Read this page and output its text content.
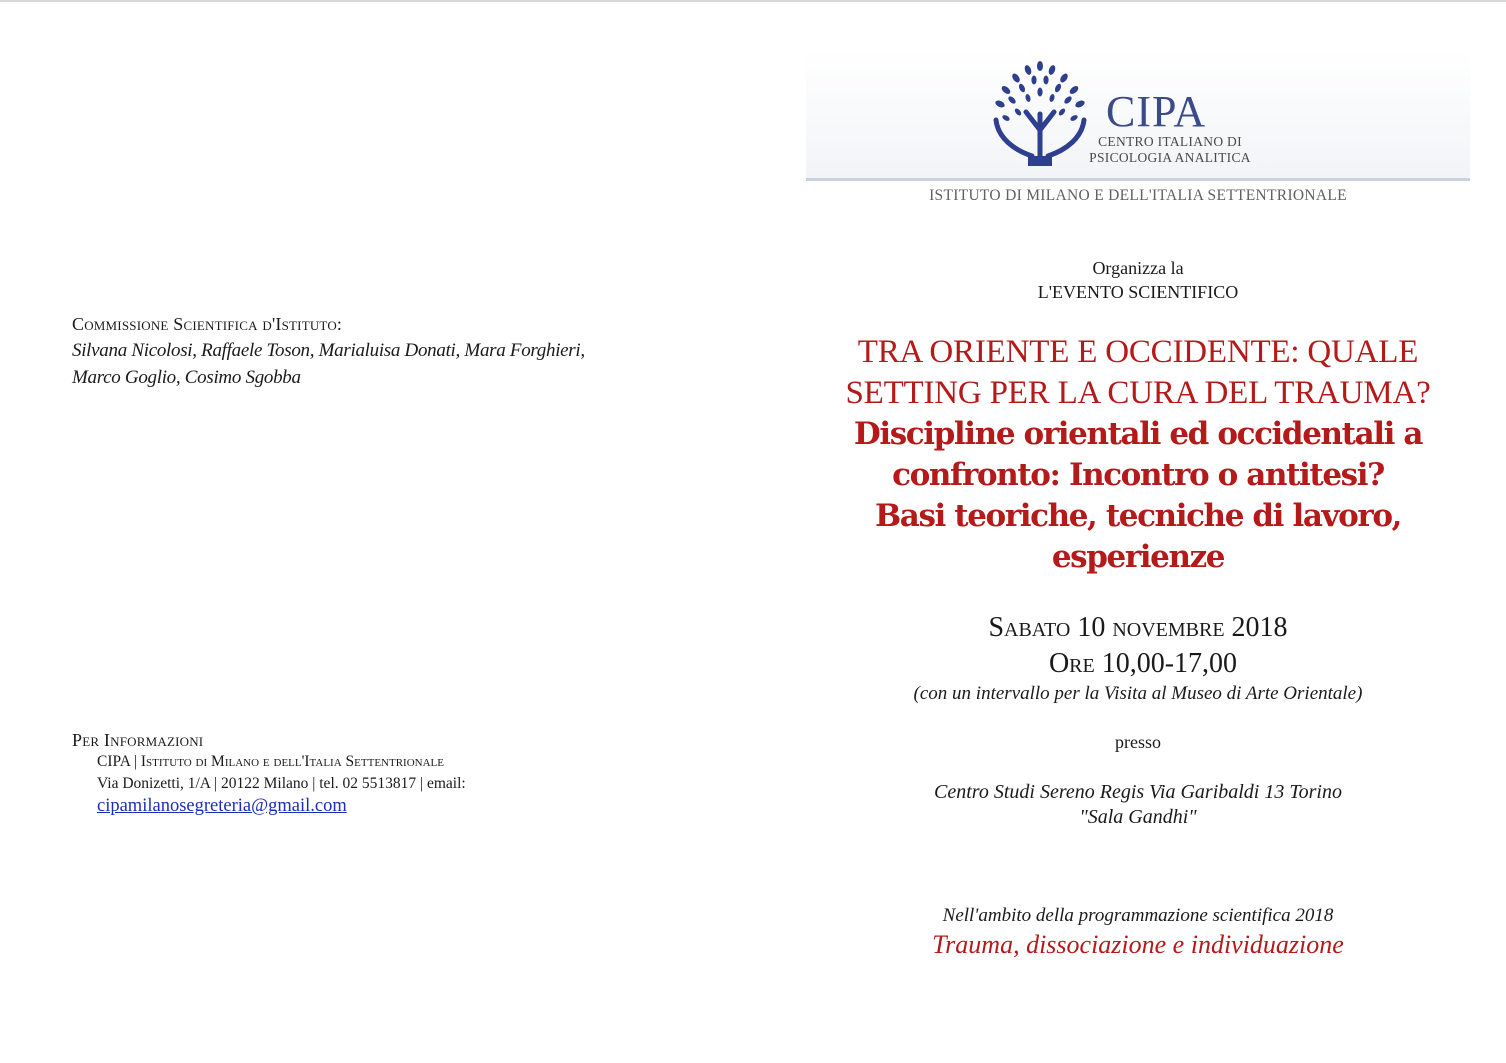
Commissione Scientifica d'Istituto:
Silvana Nicolosi, Raffaele Toson, Marialuisa Donati, Mara Forghieri,
Marco Goglio, Cosimo Sgobba
Per Informazioni
CIPA | Istituto di Milano e dell'Italia Settentrionale
Via Donizetti, 1/A | 20122 Milano | tel. 02 5513817 | email:
cipamilanosegreteria@gmail.com
CIPA
CENTRO ITALIANO DI
PSICOLOGIA ANALITICA
ISTITUTO DI MILANO E DELL'ITALIA SETTENTRIONALE
Organizza la
L'EVENTO SCIENTIFICO
TRA ORIENTE E OCCIDENTE: QUALE
SETTING PER LA CURA DEL TRAUMA?
Discipline orientali ed occidentali a
confronto: Incontro o antitesi?
Basi teoriche, tecniche di lavoro,
esperienze
Sabato 10 novembre 2018
Ore 10,00-17,00
(con un intervallo per la Visita al Museo di Arte Orientale)
presso
Centro Studi Sereno Regis Via Garibaldi 13 Torino
"Sala Gandhi"
Nell'ambito della programmazione scientifica 2018
Trauma, dissociazione e individuazione
